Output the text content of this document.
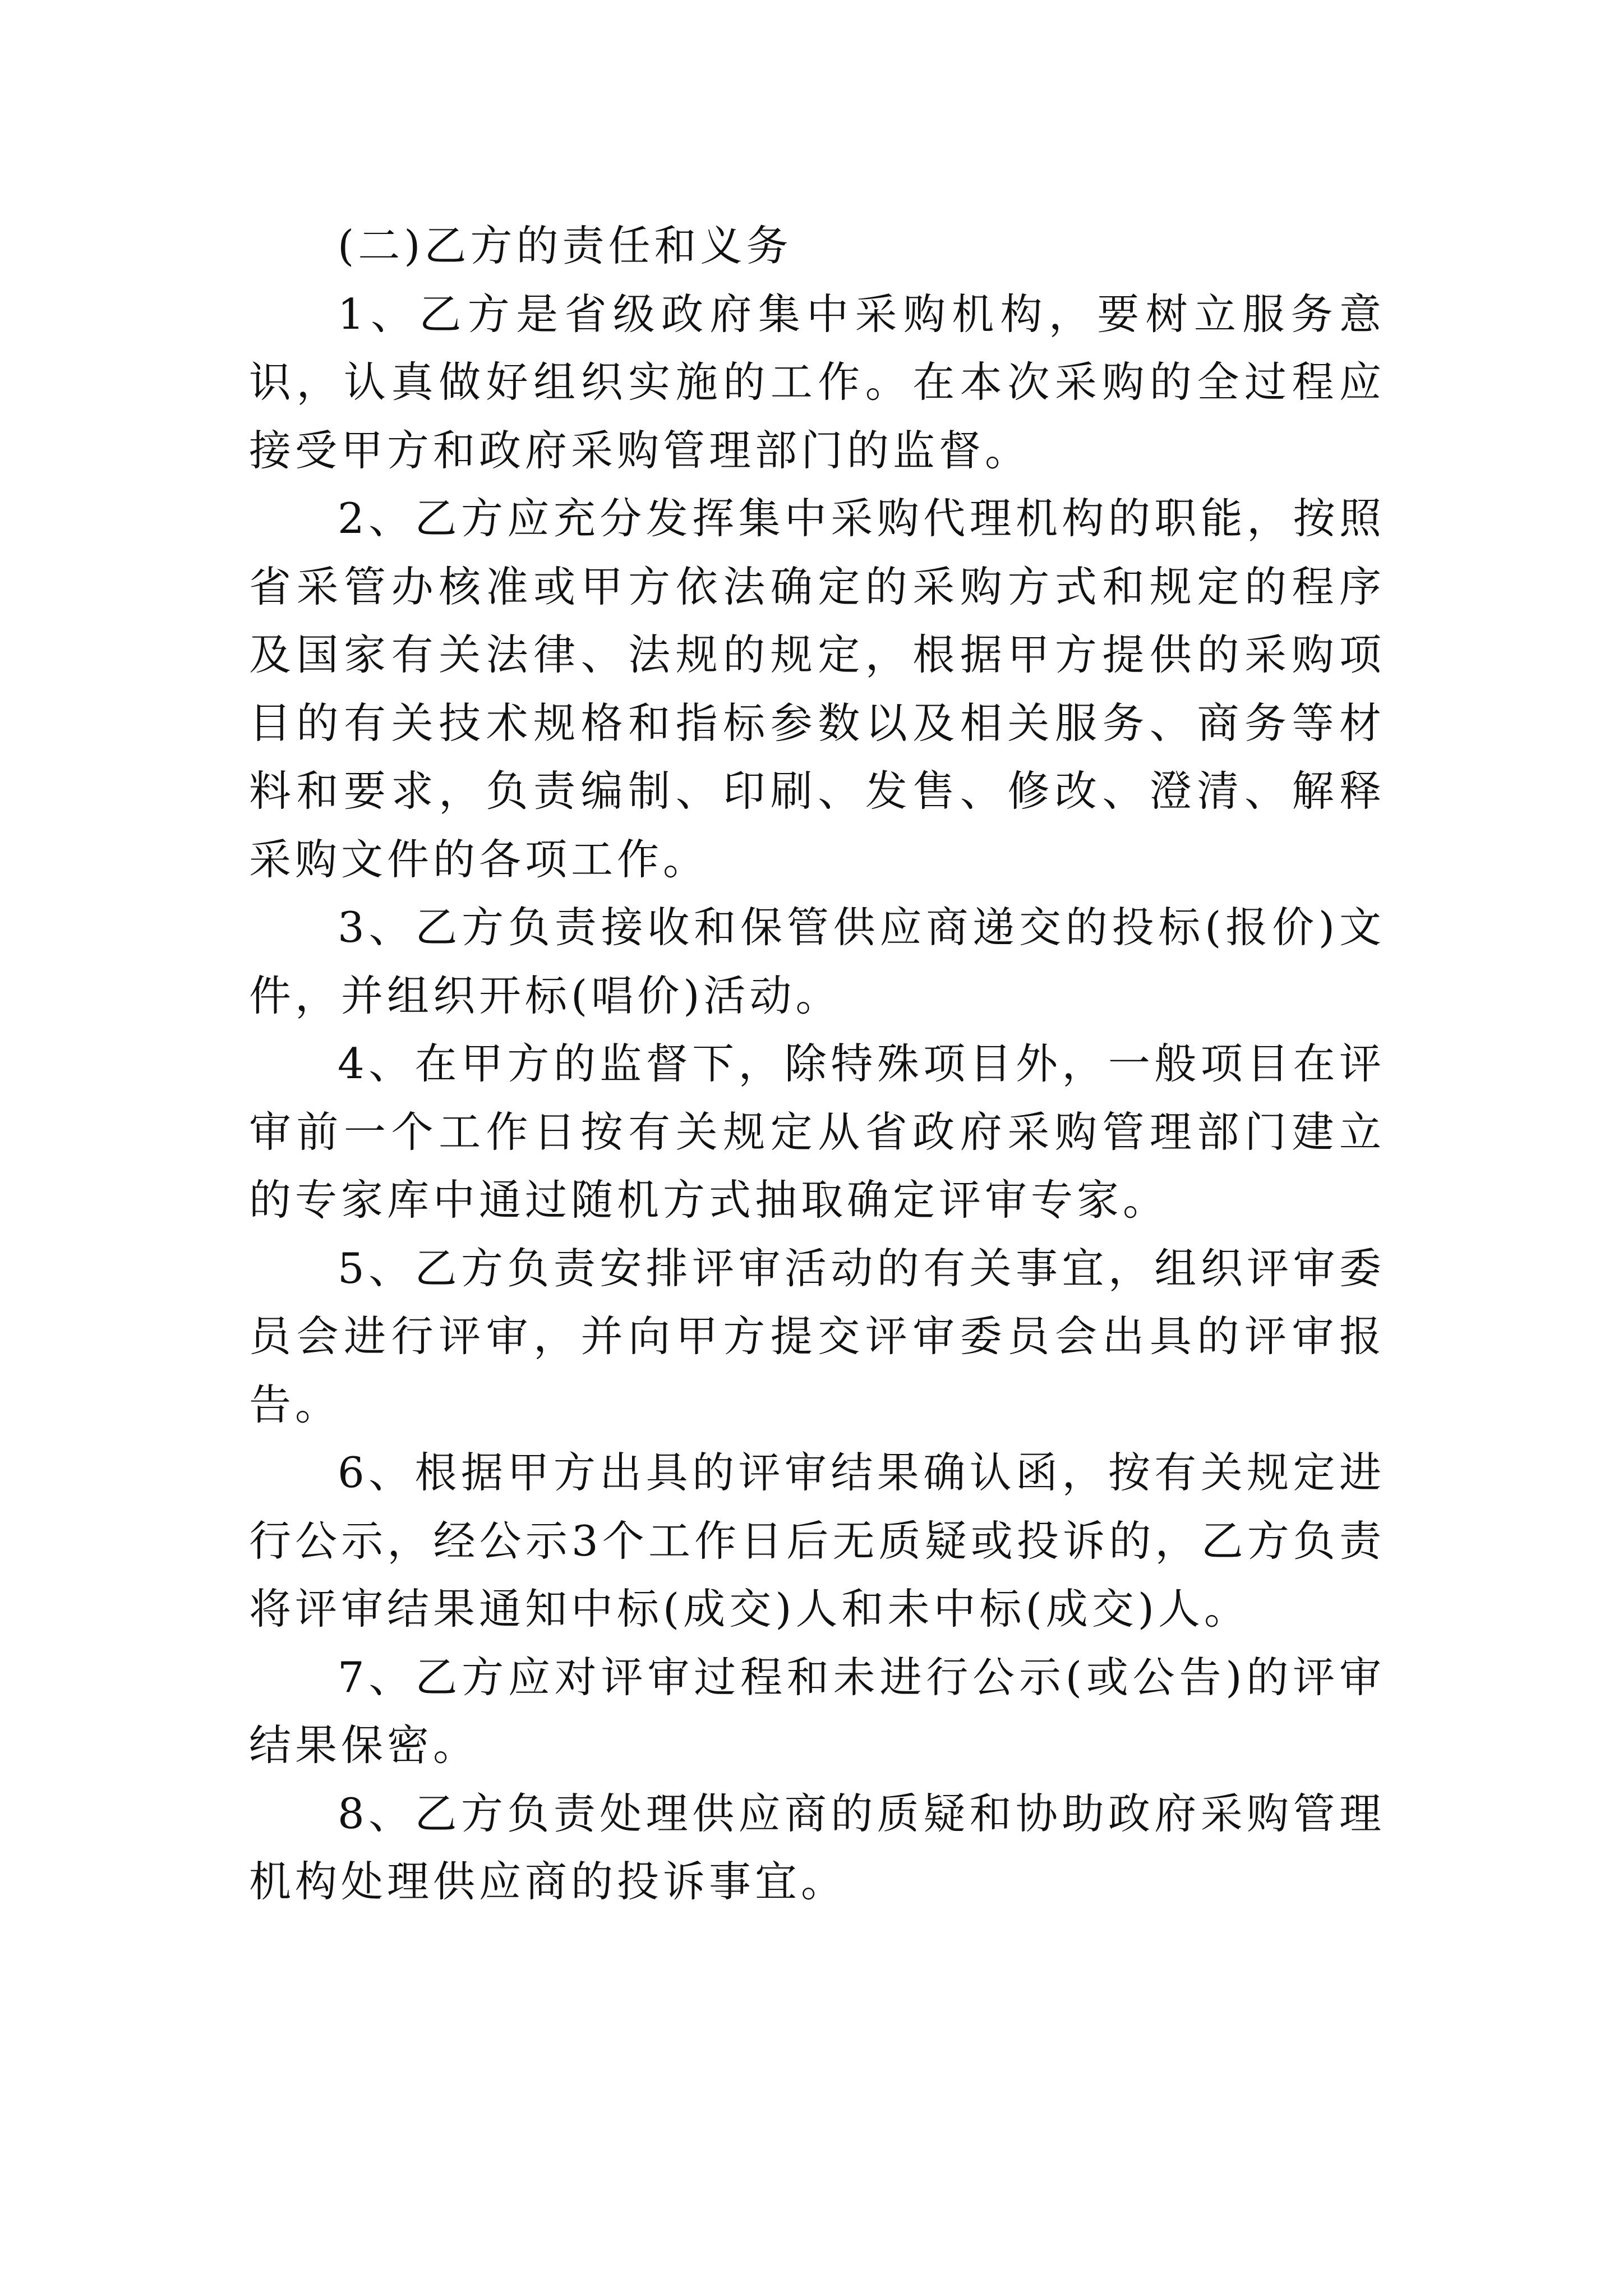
(二)乙方的责任和义务

1、乙方是省级政府集中采购机构，要树立服务意识，认真做好组织实施的工作。在本次采购的全过程应接受甲方和政府采购管理部门的监督。

2、乙方应充分发挥集中采购代理机构的职能，按照省采管办核准或甲方依法确定的采购方式和规定的程序及国家有关法律、法规的规定，根据甲方提供的采购项目的有关技术规格和指标参数以及相关服务、商务等材料和要求，负责编制、印刷、发售、修改、澄清、解释采购文件的各项工作。

3、乙方负责接收和保管供应商递交的投标(报价)文件，并组织开标(唱价)活动。

4、在甲方的监督下，除特殊项目外，一般项目在评审前一个工作日按有关规定从省政府采购管理部门建立的专家库中通过随机方式抽取确定评审专家。

5、乙方负责安排评审活动的有关事宜，组织评审委员会进行评审，并向甲方提交评审委员会出具的评审报告。

6、根据甲方出具的评审结果确认函，按有关规定进行公示，经公示3个工作日后无质疑或投诉的，乙方负责将评审结果通知中标(成交)人和未中标(成交)人。

7、乙方应对评审过程和未进行公示(或公告)的评审结果保密。

8、乙方负责处理供应商的质疑和协助政府采购管理机构处理供应商的投诉事宜。
